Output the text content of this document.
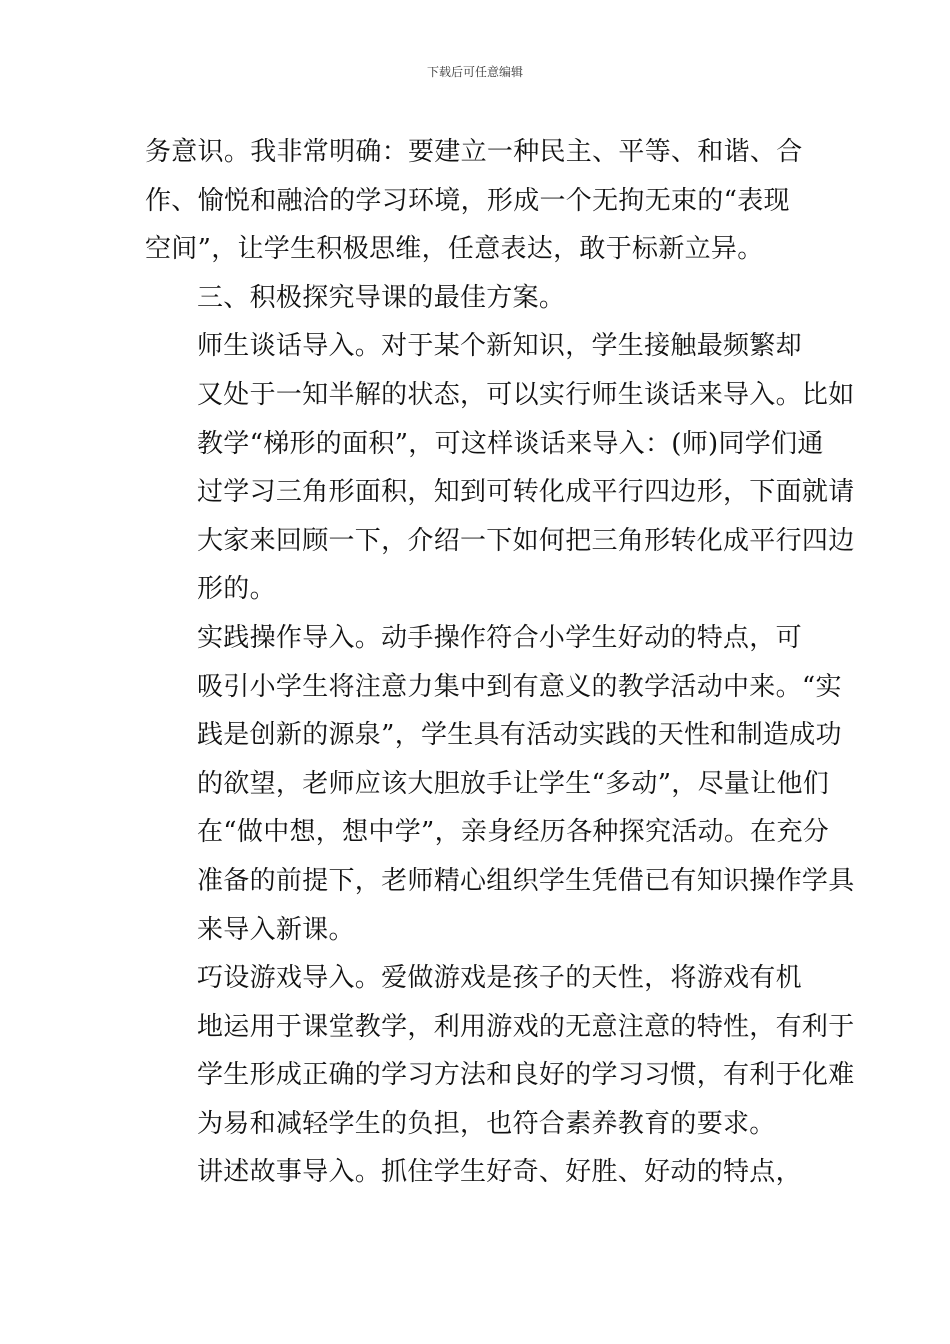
下载后可任意编辑

务意识。我非常明确：要建立一种民主、平等、和谐、合
作、愉悦和融洽的学习环境，形成一个无拘无束的“表现
空间”，让学生积极思维，任意表达，敢于标新立异。

三、积极探究导课的最佳方案。

师生谈话导入。对于某个新知识，学生接触最频繁却
又处于一知半解的状态，可以实行师生谈话来导入。比如
教学“梯形的面积”，可这样谈话来导入：(师)同学们通
过学习三角形面积，知到可转化成平行四边形，下面就请
大家来回顾一下，介绍一下如何把三角形转化成平行四边
形的。

实践操作导入。动手操作符合小学生好动的特点，可
吸引小学生将注意力集中到有意义的教学活动中来。“实
践是创新的源泉”，学生具有活动实践的天性和制造成功
的欲望，老师应该大胆放手让学生“多动”，尽量让他们
在“做中想，想中学”，亲身经历各种探究活动。在充分
准备的前提下，老师精心组织学生凭借已有知识操作学具
来导入新课。

巧设游戏导入。爱做游戏是孩子的天性，将游戏有机
地运用于课堂教学，利用游戏的无意注意的特性，有利于
学生形成正确的学习方法和良好的学习习惯，有利于化难
为易和减轻学生的负担，也符合素养教育的要求。

讲述故事导入。抓住学生好奇、好胜、好动的特点，
